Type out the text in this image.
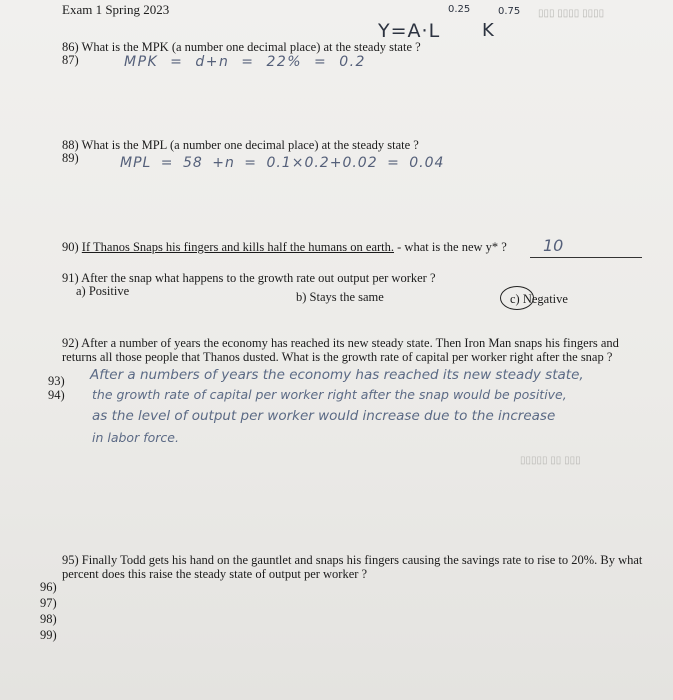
▯▯▯ ▯▯▯▯ ▯▯▯▯
▯▯▯▯▯ ▯▯ ▯▯▯
Exam 1 Spring 2023
Y=A·L
0.25
K
0.75
86) What is the MPK (a number one decimal place) at the steady state ?
87)	MPK = d+n = 22% = 0.2
88) What is the MPL (a number one decimal place) at the steady state ?
89)	MPL = 58 +n = 0.1×0.2+0.02 = 0.04
90) If Thanos Snaps his fingers and kills half the humans on earth. - what is the new y* ? 10
91) After the snap what happens to the growth rate out output per worker ?
a) Positive	b) Stays the same	c) Negative
92) After a number of years the economy has reached its new steady state. Then Iron Man snaps his fingers and returns all those people that Thanos dusted. What is the growth rate of capital per worker right after the snap ?
93)
94)
After a numbers of years the economy has reached its new steady state,
the growth rate of capital per worker right after the snap would be positive,
as the level of output per worker would increase due to the increase
in labor force.
95) Finally Todd gets his hand on the gauntlet and snaps his fingers causing the savings rate to rise to 20%. By what percent does this raise the steady state of output per worker ?
96)
97)
98)
99)
